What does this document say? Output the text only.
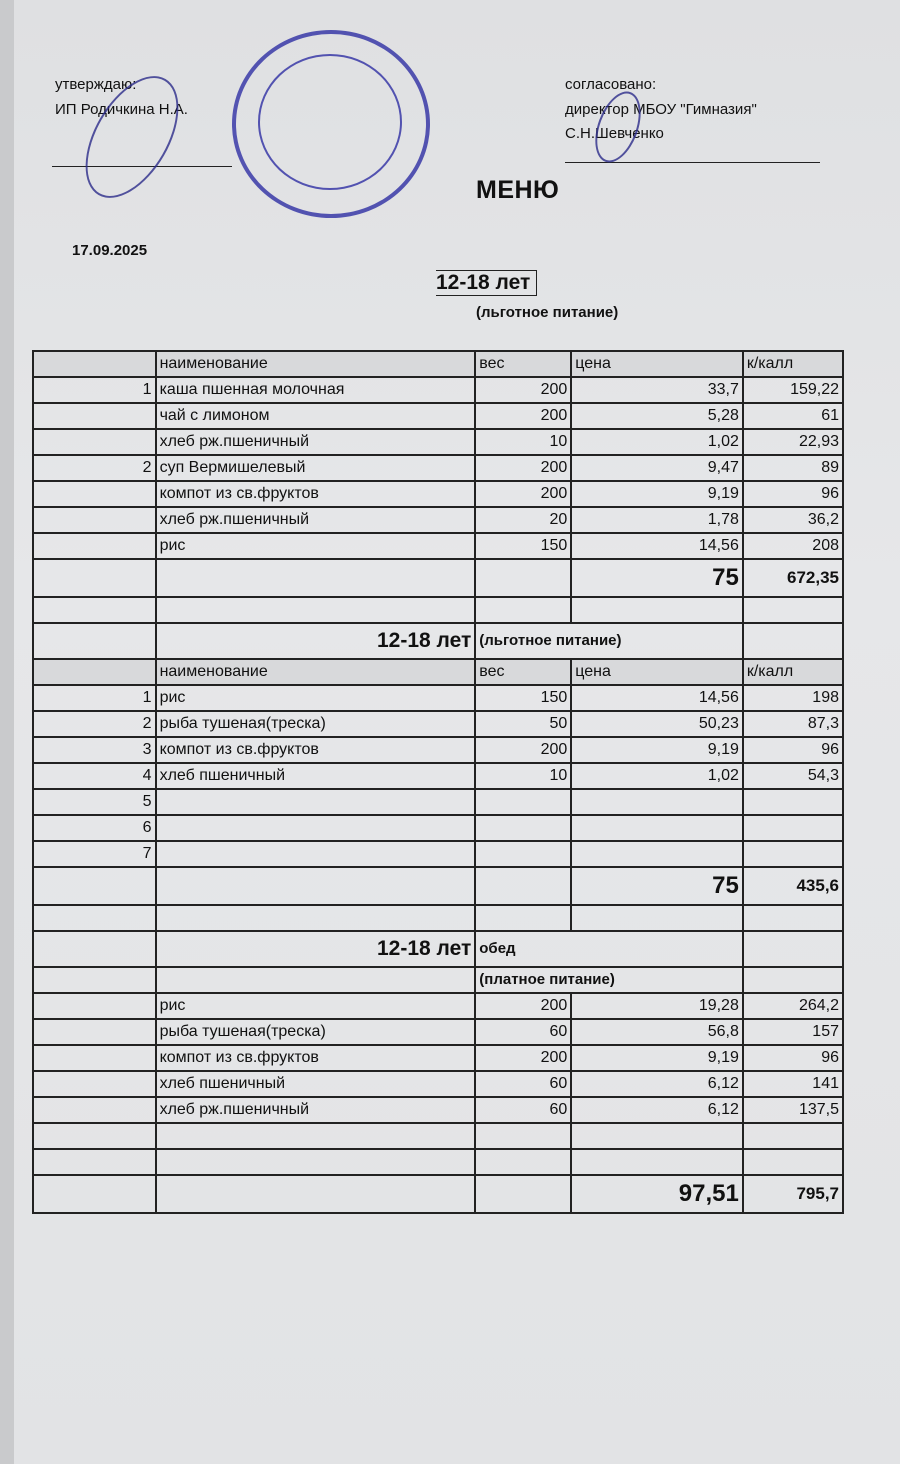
утверждаю:
ИП Родичкина Н.А.
согласовано:
директор МБОУ "Гимназия"
С.Н.Шевченко
МЕНЮ
17.09.2025
12-18 лет
(льготное питание)
	наименование	вес	цена	к/калл
1	каша пшенная молочная	200	33,7	159,22
	чай с лимоном	200	5,28	61
	хлеб рж.пшеничный	10	1,02	22,93
2	суп Вермишелевый	200	9,47	89
	компот из св.фруктов	200	9,19	96
	хлеб рж.пшеничный	20	1,78	36,2
	рис	150	14,56	208
			75	672,35

	12-18 лет	(льготное питание)		
	наименование	вес	цена	к/калл
1	рис	150	14,56	198
2	рыба тушеная(треска)	50	50,23	87,3
3	компот из св.фруктов	200	9,19	96
4	хлеб пшеничный	10	1,02	54,3
5				
6				
7				
			75	435,6

	12-18 лет	обед		
		(платное питание)		
	рис	200	19,28	264,2
	рыба тушеная(треска)	60	56,8	157
	компот из св.фруктов	200	9,19	96
	хлеб пшеничный	60	6,12	141
	хлеб рж.пшеничный	60	6,12	137,5

			97,51	795,7
